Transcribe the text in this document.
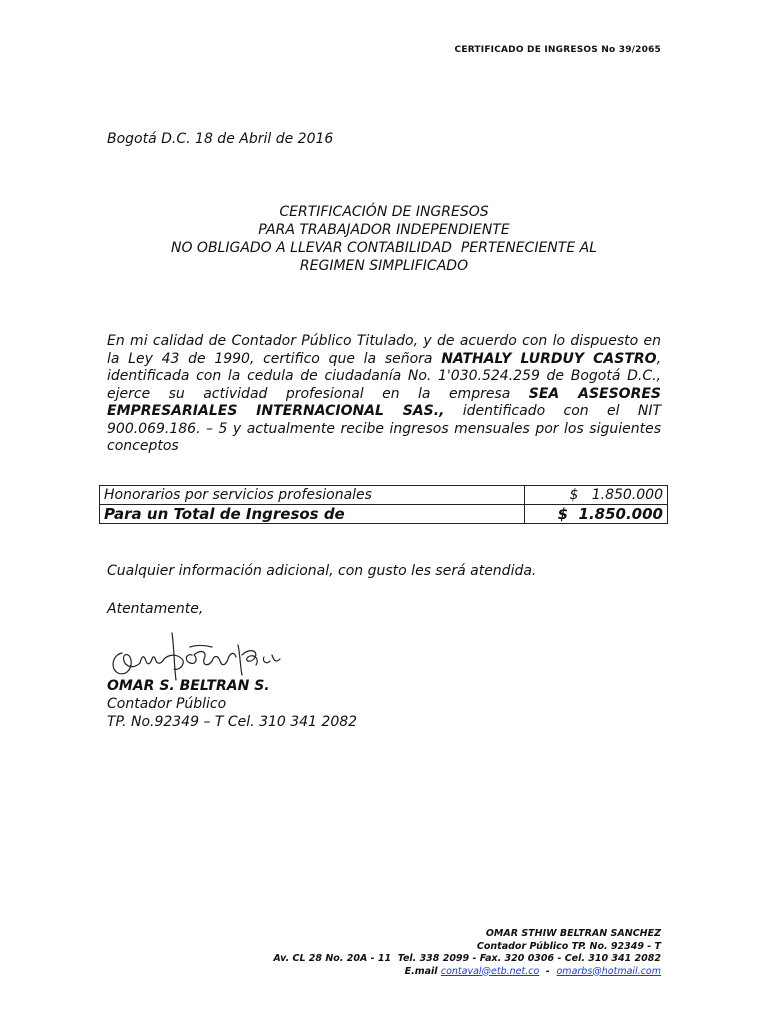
CERTIFICADO DE INGRESOS No 39/2065
Bogotá D.C. 18 de Abril de 2016
CERTIFICACIÓN DE INGRESOS
PARA TRABAJADOR INDEPENDIENTE
NO OBLIGADO A LLEVAR CONTABILIDAD  PERTENECIENTE AL
REGIMEN SIMPLIFICADO
En mi calidad de Contador Público Titulado, y de acuerdo con lo dispuesto en la Ley 43 de 1990, certifico que la señora NATHALY LURDUY CASTRO, identificada con la cedula de ciudadanía No. 1'030.524.259 de Bogotá D.C., ejerce su actividad profesional en la empresa SEA ASESORES EMPRESARIALES INTERNACIONAL SAS., identificado con el NIT 900.069.186. – 5 y actualmente recibe ingresos mensuales por los siguientes conceptos
Honorarios por servicios profesionales	$   1.850.000
Para un Total de Ingresos de	$  1.850.000
Cualquier información adicional, con gusto les será atendida.
Atentamente,
OMAR S. BELTRAN S.
Contador Público
TP. No.92349 – T Cel. 310 341 2082
OMAR STHIW BELTRAN SANCHEZ
Contador Público TP. No. 92349 - T
Av. CL 28 No. 20A - 11  Tel. 338 2099 - Fax. 320 0306 - Cel. 310 341 2082
E.mail contaval@etb.net.co  -  omarbs@hotmail.com
